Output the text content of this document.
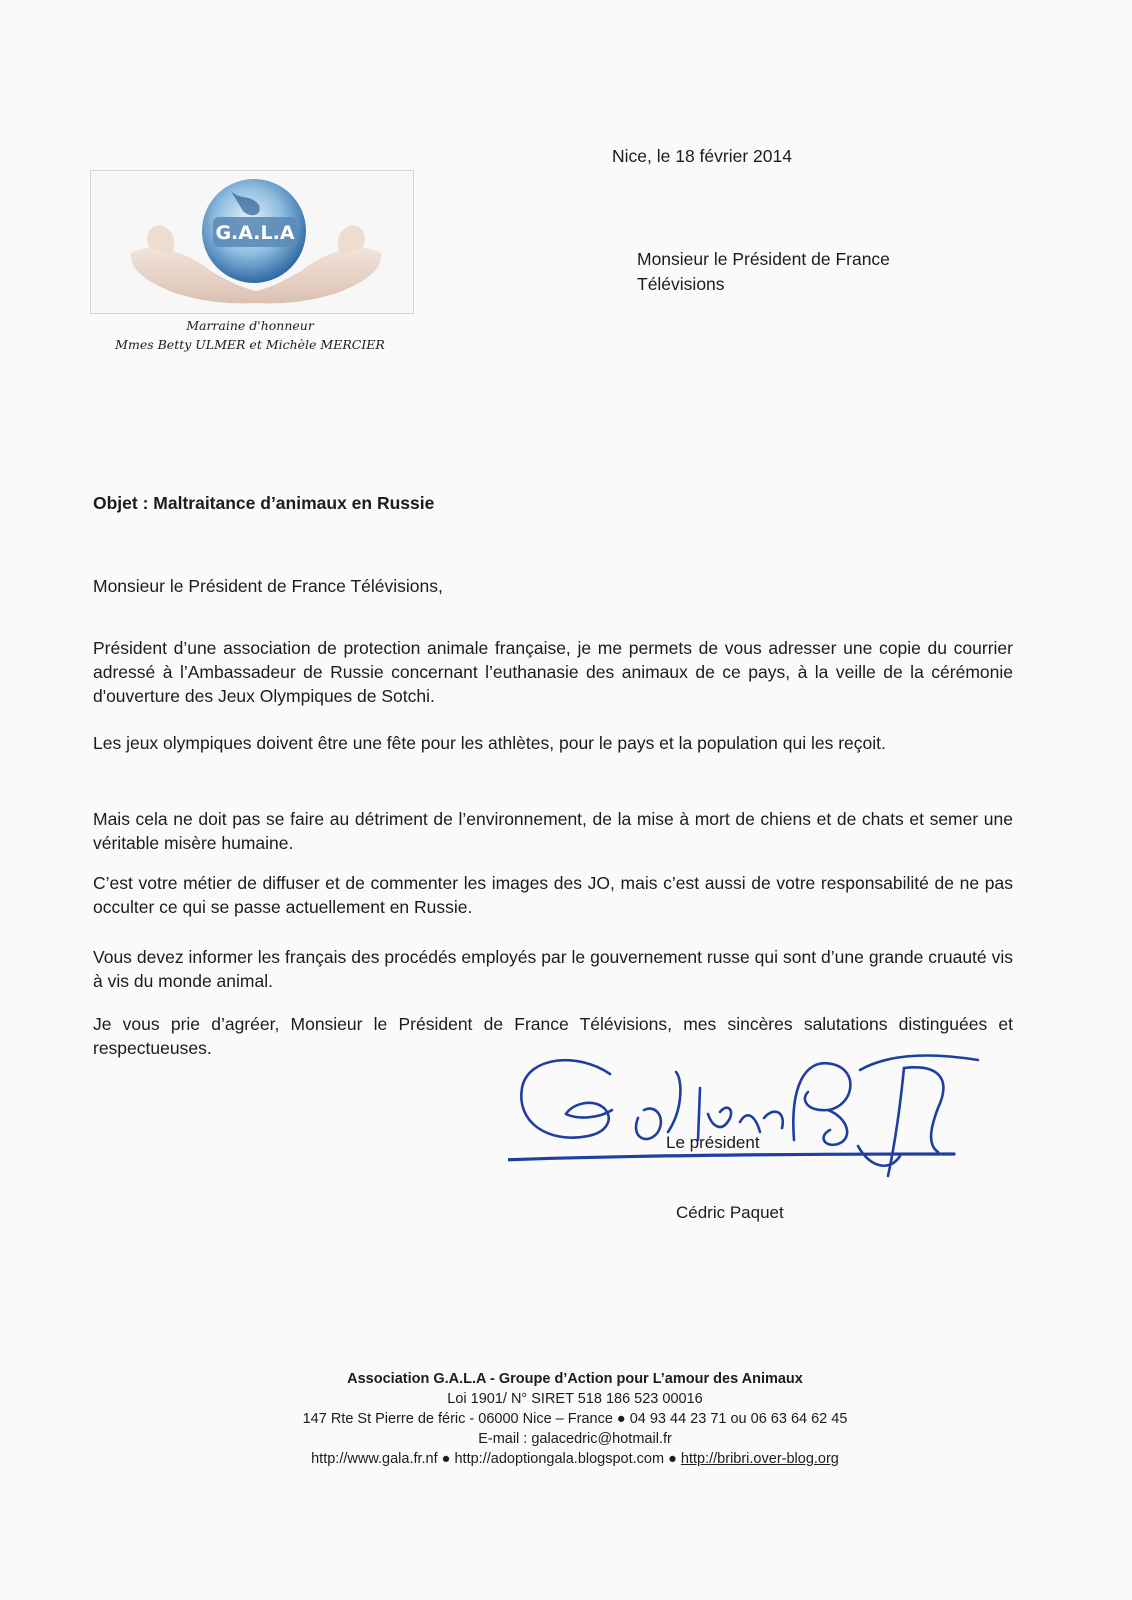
Nice, le 18 février 2014
Monsieur le Président de France
Télévisions
G.A.L.A
Marraine d'honneur
Mmes Betty ULMER et Michèle MERCIER
Objet : Maltraitance d’animaux en Russie
Monsieur le Président de France Télévisions,

Président d’une association de protection animale française, je me permets de vous adresser une copie du courrier adressé à l’Ambassadeur de Russie concernant l’euthanasie des animaux de ce pays, à la veille de la cérémonie d'ouverture des Jeux Olympiques de Sotchi.

Les jeux olympiques doivent être une fête pour les athlètes, pour le pays et la population qui les reçoit.

Mais cela ne doit pas se faire au détriment de l’environnement, de la mise à mort de chiens et de chats et semer une véritable misère humaine.

C’est votre métier de diffuser et de commenter les images des JO, mais c’est aussi de votre responsabilité de ne pas occulter ce qui se passe actuellement en Russie.

Vous devez informer les français des procédés employés par le gouvernement russe qui sont d’une grande cruauté vis à vis du monde animal.

Je vous prie d’agréer, Monsieur le Président de France Télévisions, mes sincères salutations distinguées et respectueuses.

Le président
Cédric Paquet
Association G.A.L.A - Groupe d’Action pour L’amour des Animaux
Loi 1901/ N° SIRET 518 186 523 00016
147 Rte St Pierre de féric - 06000 Nice – France ● 04 93 44 23 71 ou 06 63 64 62 45
E-mail : galacedric@hotmail.fr
http://www.gala.fr.nf ● http://adoptiongala.blogspot.com ● http://bribri.over-blog.org
